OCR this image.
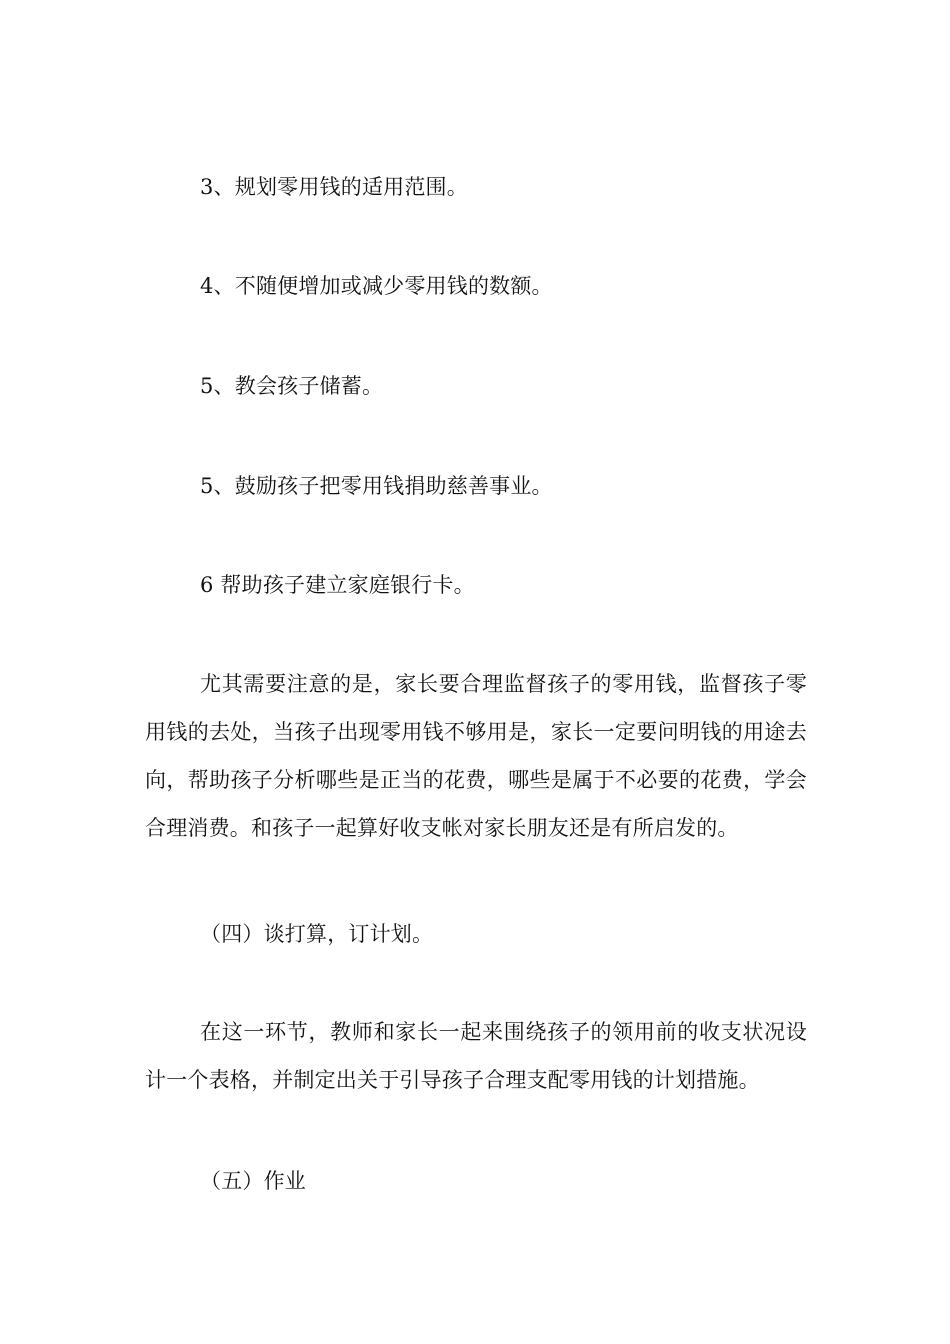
3、规划零用钱的适用范围。
4、不随便增加或减少零用钱的数额。
5、教会孩子储蓄。
5、鼓励孩子把零用钱捐助慈善事业。
6 帮助孩子建立家庭银行卡。
尤其需要注意的是，家长要合理监督孩子的零用钱，监督孩子零用钱的去处，当孩子出现零用钱不够用是，家长一定要问明钱的用途去向，帮助孩子分析哪些是正当的花费，哪些是属于不必要的花费，学会合理消费。和孩子一起算好收支帐对家长朋友还是有所启发的。
（四）谈打算，订计划。
在这一环节，教师和家长一起来围绕孩子的领用前的收支状况设计一个表格，并制定出关于引导孩子合理支配零用钱的计划措施。
（五）作业
